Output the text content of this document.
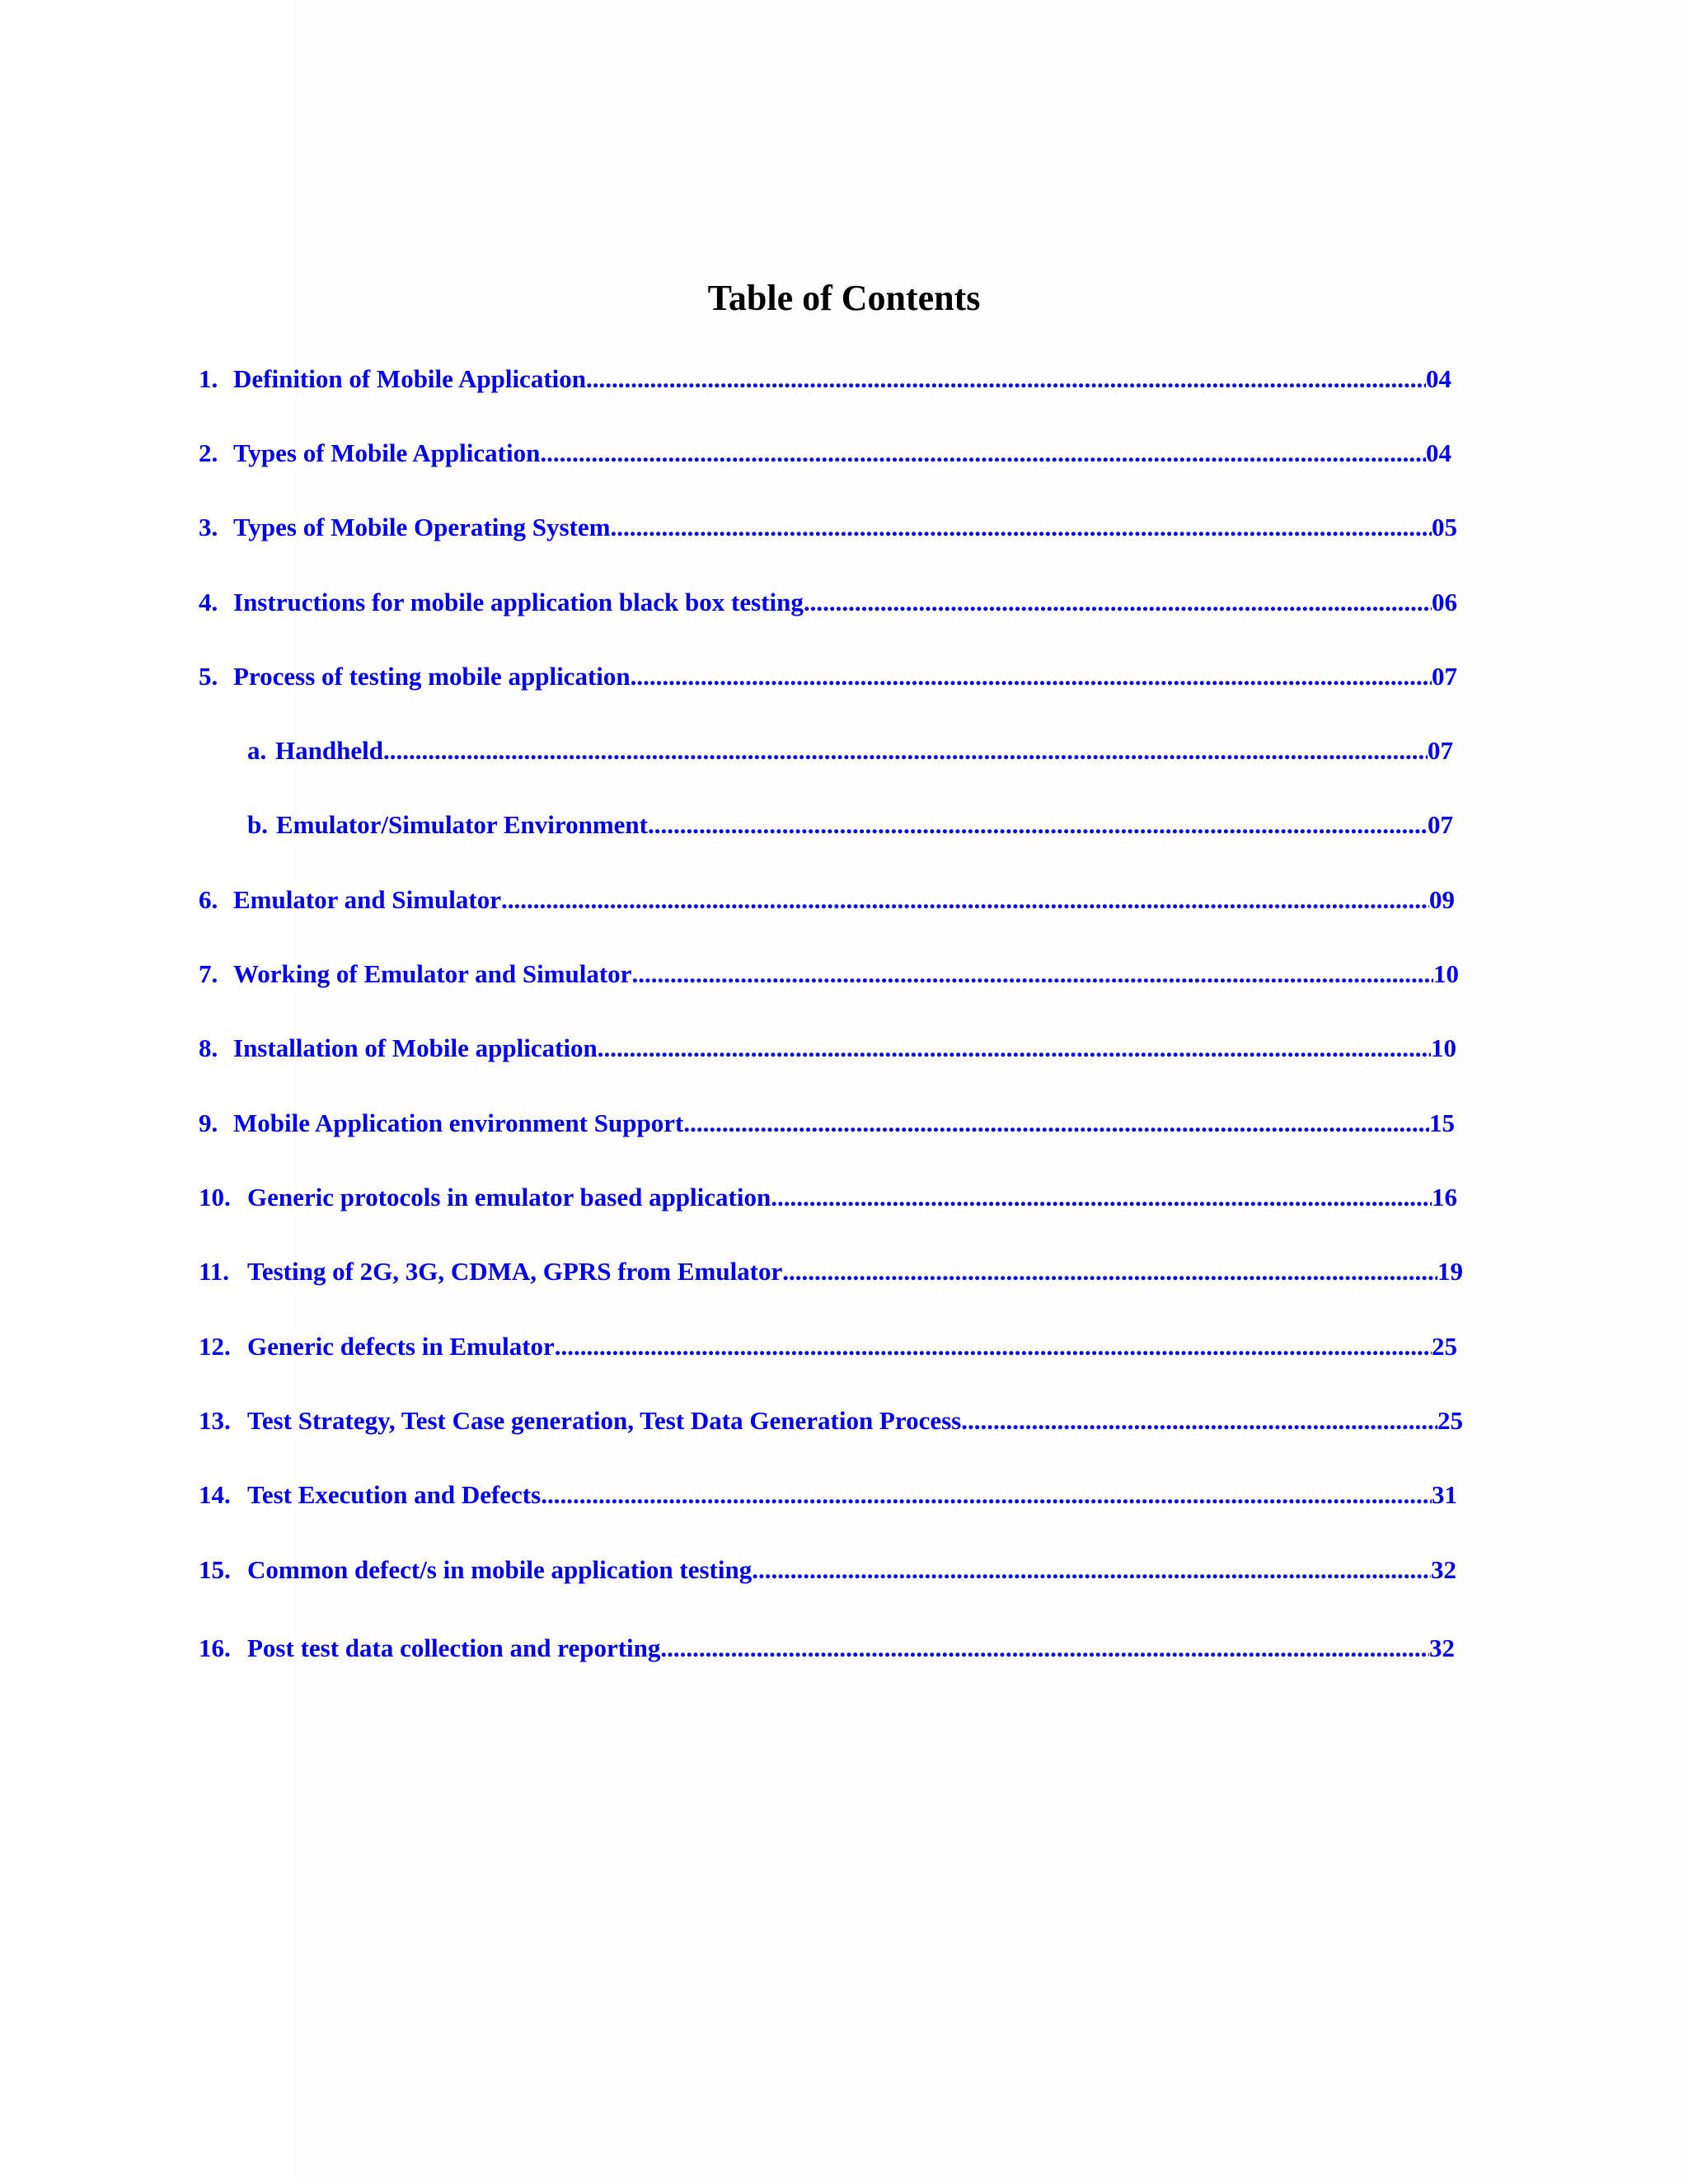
Table of Contents
1. Definition of Mobile Application .....	04
2. Types of Mobile Application .....	04
3. Types of Mobile Operating System .....	05
4. Instructions for mobile application black box testing .....	06
5. Process of testing mobile application .....	07
a. Handheld .....	07
b. Emulator/Simulator Environment .....	07
6. Emulator and Simulator .....	09
7. Working of Emulator and Simulator .....	10
8. Installation of Mobile application .....	10
9. Mobile Application environment Support .....	15
10. Generic protocols in emulator based application .....	16
11. Testing of 2G, 3G, CDMA, GPRS from Emulator .....	19
12. Generic defects in Emulator .....	25
13. Test Strategy, Test Case generation, Test Data Generation Process .....	25
14. Test Execution and Defects .....	31
15. Common defect/s in mobile application testing .....	32
16. Post test data collection and reporting .....	32
